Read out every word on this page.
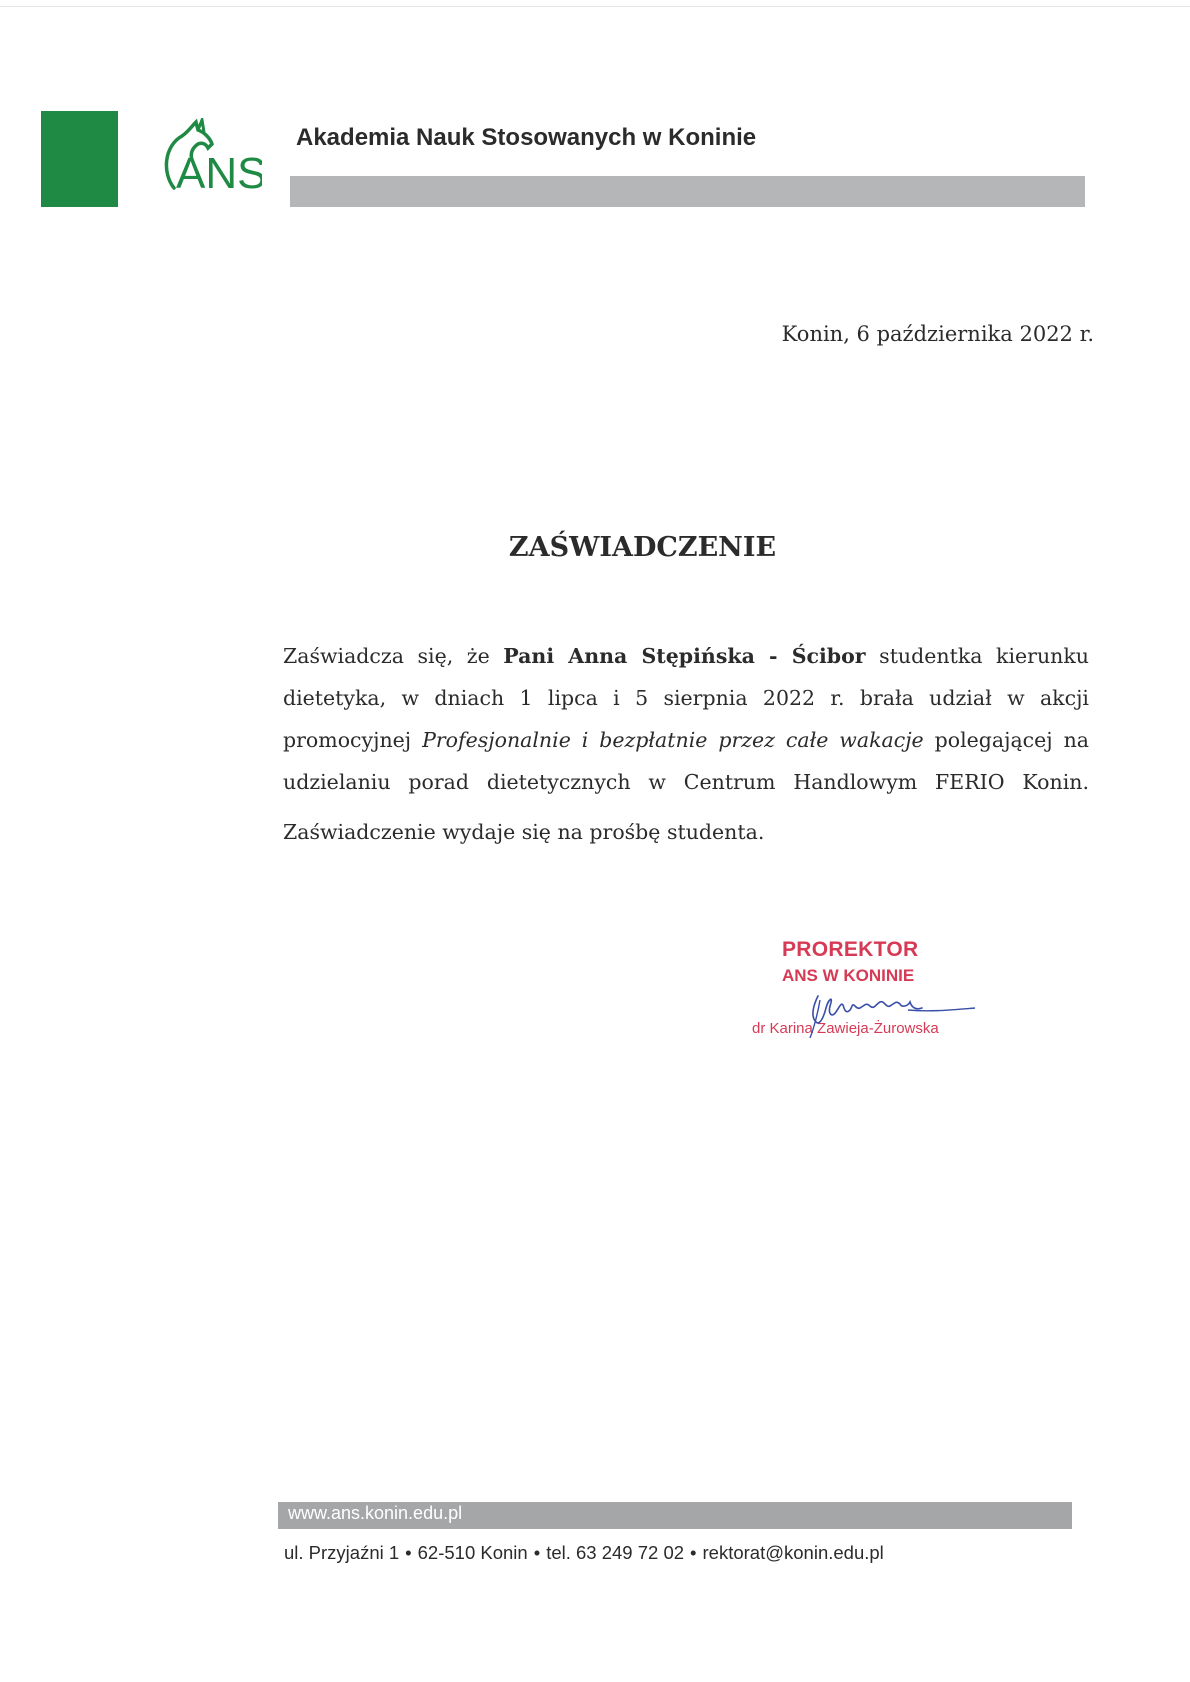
ANS
Akademia Nauk Stosowanych w Koninie
Konin, 6 października 2022 r.
ZAŚWIADCZENIE
Zaświadcza się, że Pani Anna Stępińska - Ścibor studentka kierunku dietetyka, w dniach 1 lipca i 5 sierpnia 2022 r. brała udział w akcji promocyjnej Profesjonalnie i bezpłatnie przez całe wakacje polegającej na udzielaniu porad dietetycznych w Centrum Handlowym FERIO Konin.
Zaświadczenie wydaje się na prośbę studenta.
PROREKTOR
ANS W KONINIE
dr Karina Zawieja-Żurowska
www.ans.konin.edu.pl
ul. Przyjaźni 1 • 62-510 Konin • tel. 63 249 72 02 • rektorat@konin.edu.pl
